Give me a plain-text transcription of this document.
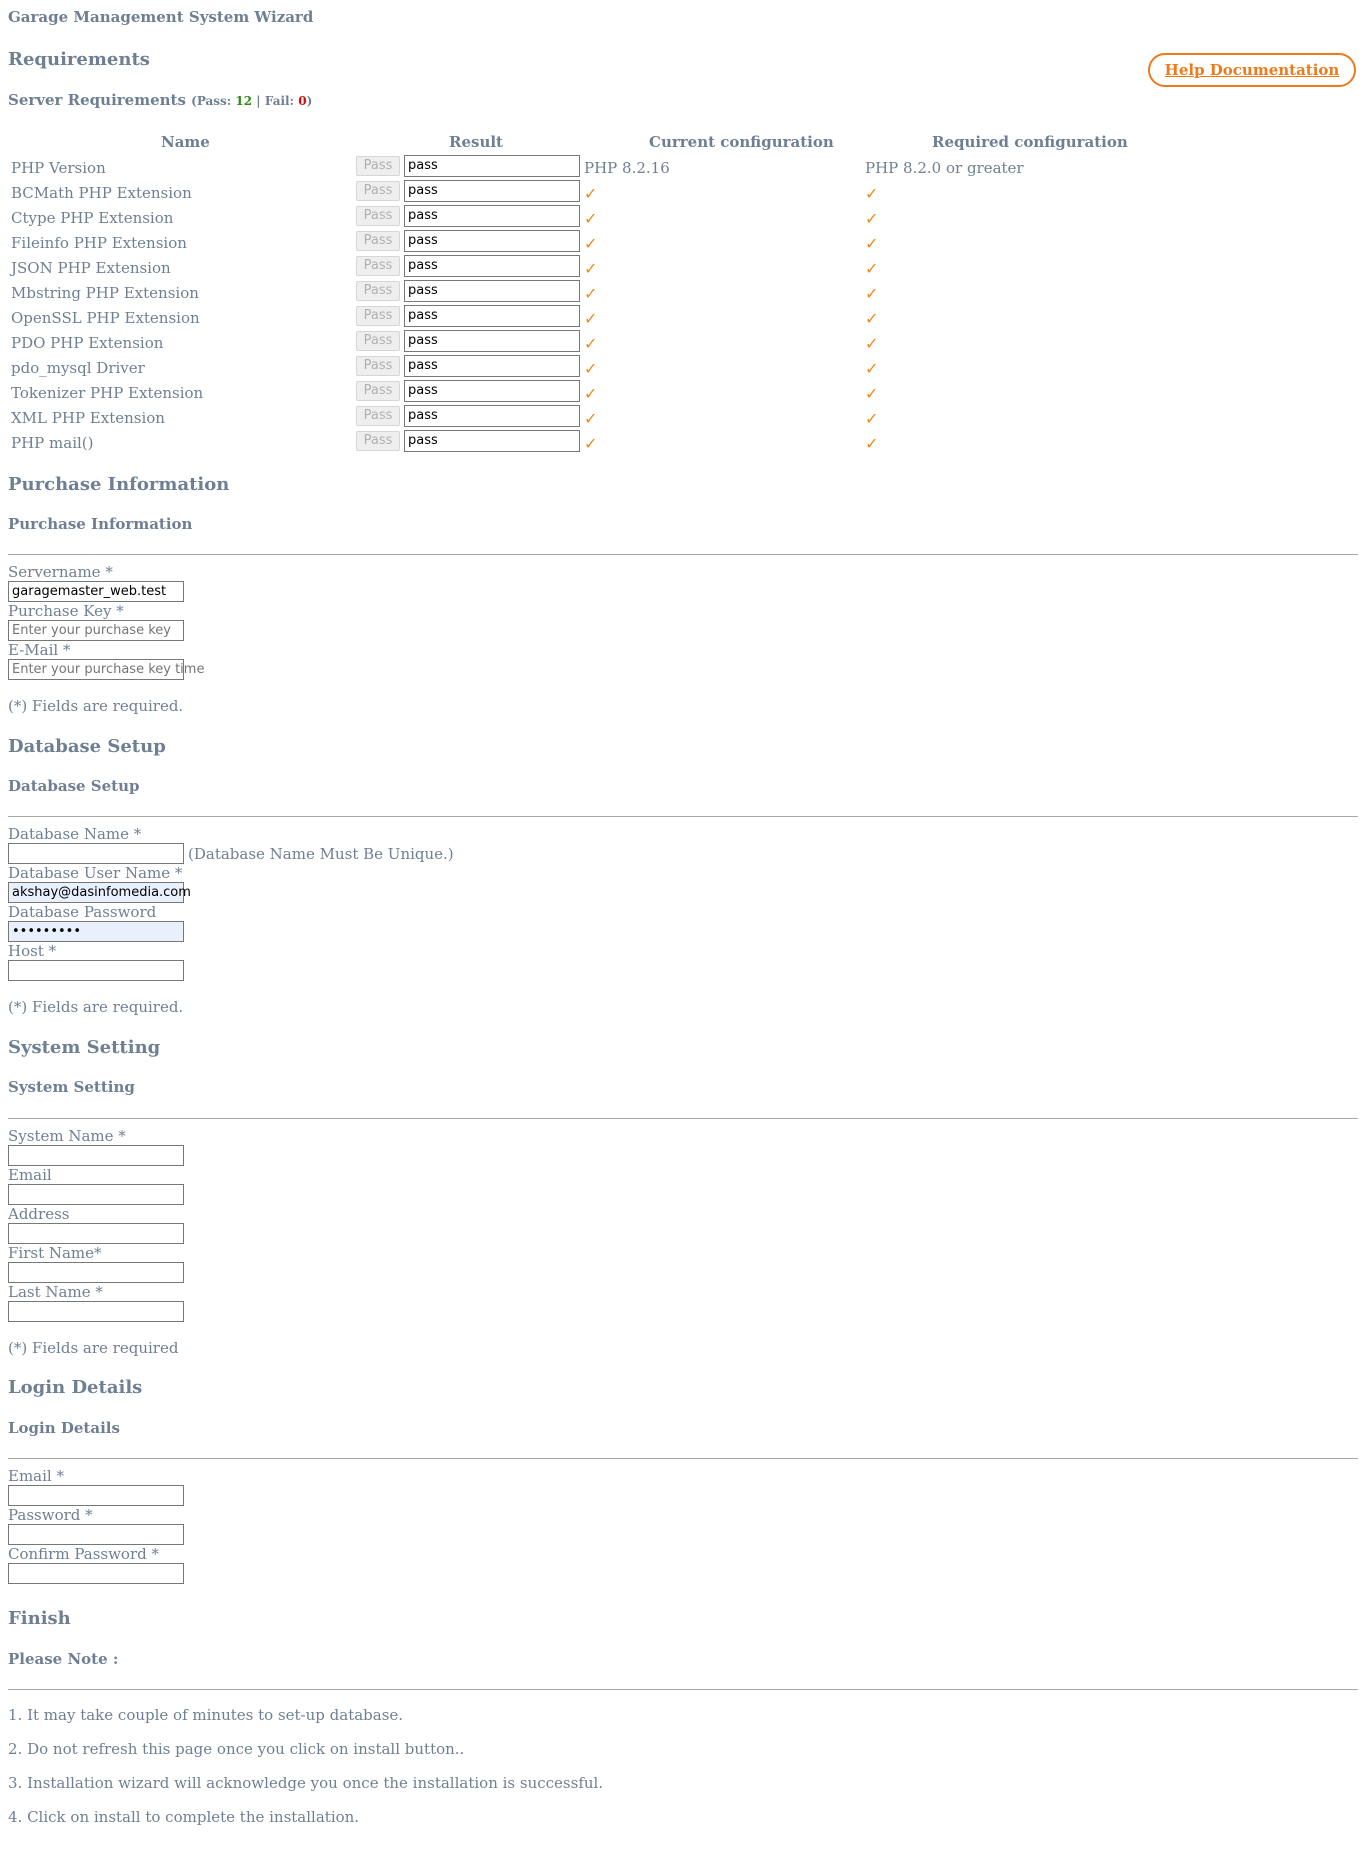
Garage Management System Wizard
Help Documentation
Requirements
Server Requirements (Pass: 12 | Fail: 0)
Name	Result	Current configuration	Required configuration
PHP Version	Pass	pass	PHP 8.2.16	PHP 8.2.0 or greater
BCMath PHP Extension	Pass	pass	✓	✓
Ctype PHP Extension	Pass	pass	✓	✓
Fileinfo PHP Extension	Pass	pass	✓	✓
JSON PHP Extension	Pass	pass	✓	✓
Mbstring PHP Extension	Pass	pass	✓	✓
OpenSSL PHP Extension	Pass	pass	✓	✓
PDO PHP Extension	Pass	pass	✓	✓
pdo_mysql Driver	Pass	pass	✓	✓
Tokenizer PHP Extension	Pass	pass	✓	✓
XML PHP Extension	Pass	pass	✓	✓
PHP mail()	Pass	pass	✓	✓
Purchase Information
Purchase Information
Servername *
garagemaster_web.test
Purchase Key *
Enter your purchase key
E-Mail *
Enter your purchase key time
(*) Fields are required.
Database Setup
Database Setup
Database Name *
(Database Name Must Be Unique.)
Database User Name *
akshay@dasinfomedia.com
Database Password
•••••••••
Host *
(*) Fields are required.
System Setting
System Setting
System Name *
Email
Address
First Name*
Last Name *
(*) Fields are required
Login Details
Login Details
Email *
Password *
Confirm Password *
Finish
Please Note :
1. It may take couple of minutes to set-up database.
2. Do not refresh this page once you click on install button..
3. Installation wizard will acknowledge you once the installation is successful.
4. Click on install to complete the installation.
